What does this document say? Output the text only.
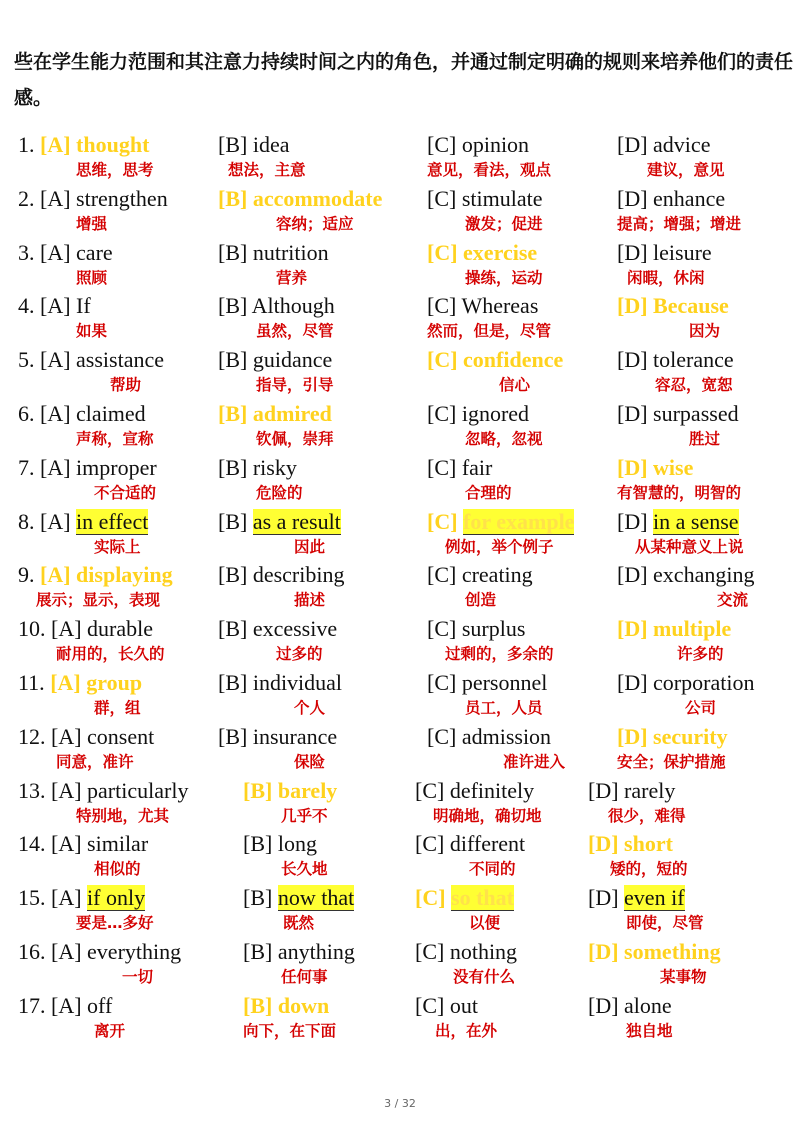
些在学生能力范围和其注意力持续时间之内的角色，并通过制定明确的规则来培养他们的责任感。
1. [A] thought
思维，思考
[B] idea
想法，主意
[C] opinion
意见，看法，观点
[D] advice
建议，意见
2. [A] strengthen
增强
[B] accommodate
容纳；适应
[C] stimulate
激发；促进
[D] enhance
提高；增强；增进
3. [A] care
照顾
[B] nutrition
营养
[C] exercise
操练，运动
[D] leisure
闲暇，休闲
4. [A] If
如果
[B] Although
虽然，尽管
[C] Whereas
然而，但是，尽管
[D] Because
因为
5. [A] assistance
帮助
[B] guidance
指导，引导
[C] confidence
信心
[D] tolerance
容忍，宽恕
6. [A] claimed
声称，宣称
[B] admired
钦佩，崇拜
[C] ignored
忽略，忽视
[D] surpassed
胜过
7. [A] improper
不合适的
[B] risky
危险的
[C] fair
合理的
[D] wise
有智慧的，明智的
8. [A] in effect
实际上
[B] as a result
因此
[C] for example
例如，举个例子
[D] in a sense
从某种意义上说
9. [A] displaying
展示；显示，表现
[B] describing
描述
[C] creating
创造
[D] exchanging
交流
10. [A] durable
耐用的，长久的
[B] excessive
过多的
[C] surplus
过剩的，多余的
[D] multiple
许多的
11. [A] group
群，组
[B] individual
个人
[C] personnel
员工，人员
[D] corporation
公司
12. [A] consent
同意，准许
[B] insurance
保险
[C] admission
准许进入
[D] security
安全；保护措施
13. [A] particularly
特别地，尤其
[B] barely
几乎不
[C] definitely
明确地，确切地
[D] rarely
很少，难得
14. [A] similar
相似的
[B] long
长久地
[C] different
不同的
[D] short
矮的，短的
15. [A] if only
要是…多好
[B] now that
既然
[C] so that
以便
[D] even if
即使，尽管
16. [A] everything
一切
[B] anything
任何事
[C] nothing
没有什么
[D] something
某事物
17. [A] off
离开
[B] down
向下，在下面
[C] out
出，在外
[D] alone
独自地
3 / 32
